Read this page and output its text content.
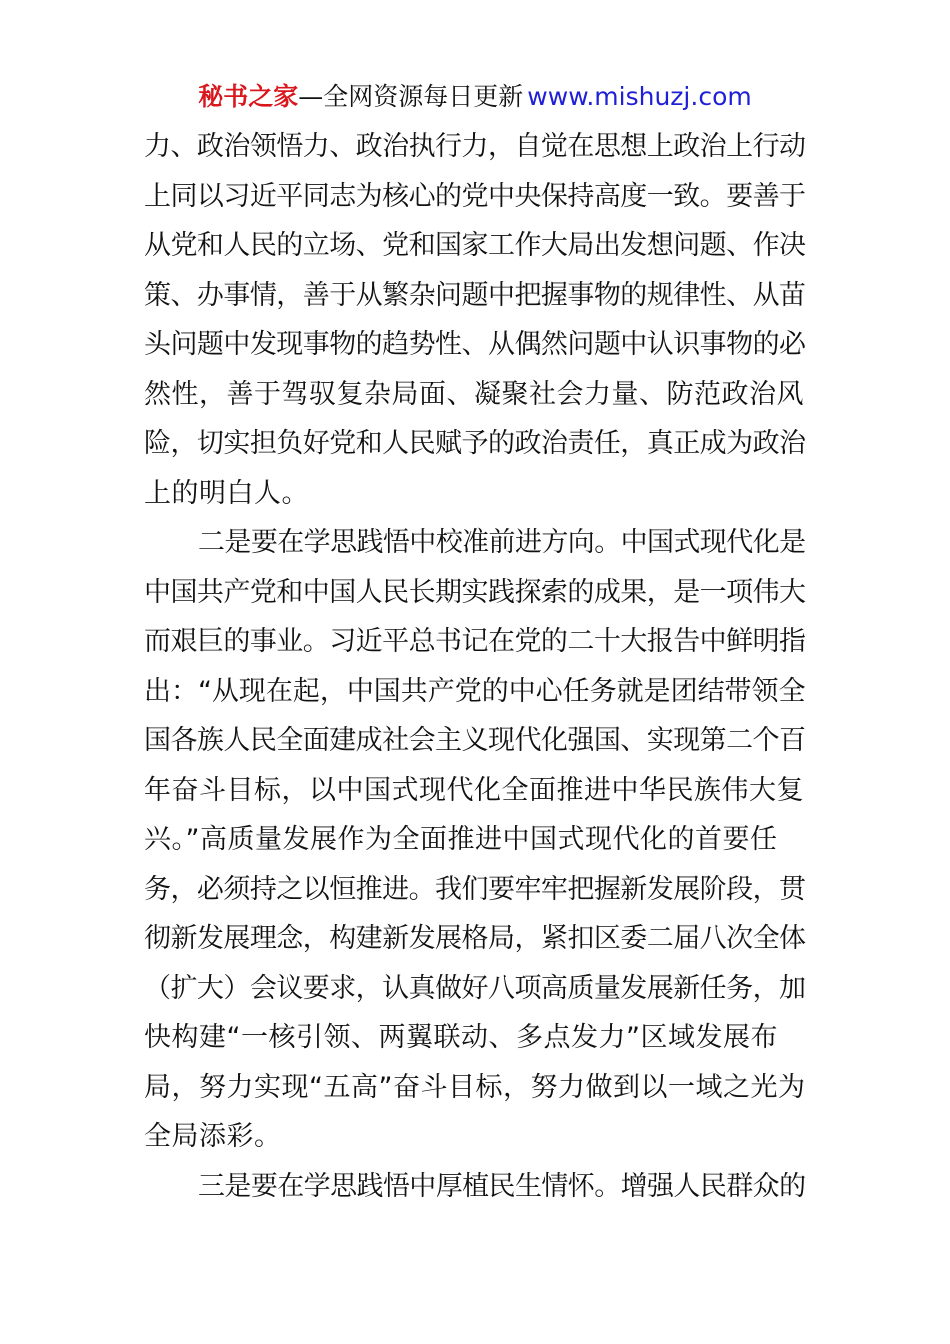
秘书之家—全网资源每日更新 www.mishuzj.com
力、政治领悟力、政治执行力，自觉在思想上政治上行动
上同以习近平同志为核心的党中央保持高度一致。要善于
从党和人民的立场、党和国家工作大局出发想问题、作决
策、办事情，善于从繁杂问题中把握事物的规律性、从苗
头问题中发现事物的趋势性、从偶然问题中认识事物的必
然性，善于驾驭复杂局面、凝聚社会力量、防范政治风
险，切实担负好党和人民赋予的政治责任，真正成为政治
上的明白人。
二是要在学思践悟中校准前进方向。中国式现代化是
中国共产党和中国人民长期实践探索的成果，是一项伟大
而艰巨的事业。习近平总书记在党的二十大报告中鲜明指
出：“从现在起，中国共产党的中心任务就是团结带领全
国各族人民全面建成社会主义现代化强国、实现第二个百
年奋斗目标，以中国式现代化全面推进中华民族伟大复
兴。”高质量发展作为全面推进中国式现代化的首要任
务，必须持之以恒推进。我们要牢牢把握新发展阶段，贯
彻新发展理念，构建新发展格局，紧扣区委二届八次全体
（扩大）会议要求，认真做好八项高质量发展新任务，加
快构建“一核引领、两翼联动、多点发力”区域发展布
局，努力实现“五高”奋斗目标，努力做到以一域之光为
全局添彩。
三是要在学思践悟中厚植民生情怀。增强人民群众的
